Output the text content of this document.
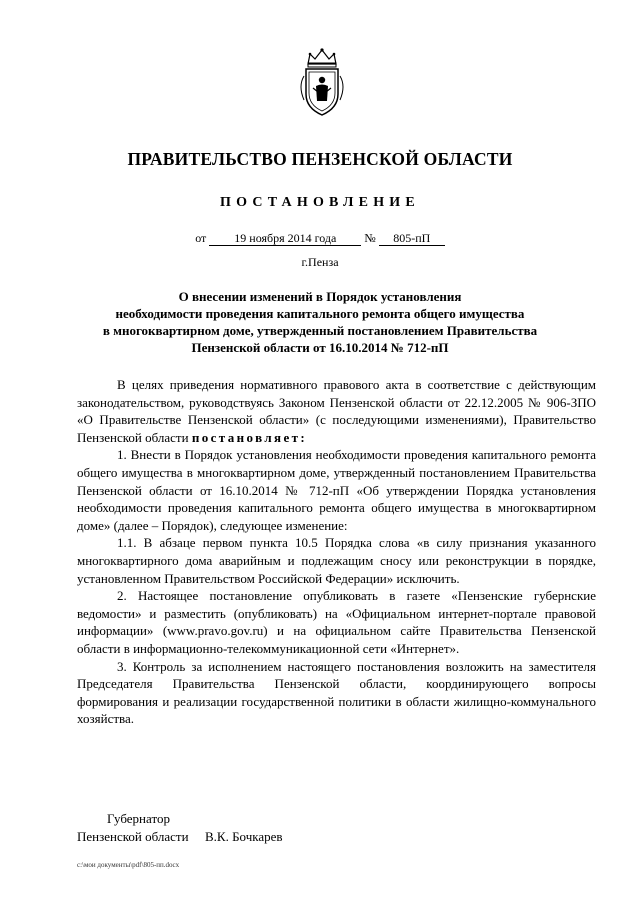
ПРАВИТЕЛЬСТВО ПЕНЗЕНСКОЙ ОБЛАСТИ
ПОСТАНОВЛЕНИЕ
от 19 ноября 2014 года № 805-пП
г.Пенза
О внесении изменений в Порядок установления
необходимости проведения капитального ремонта общего имущества
в многоквартирном доме, утвержденный постановлением Правительства
Пензенской области от 16.10.2014 № 712-пП

В целях приведения нормативного правового акта в соответствие с действующим законодательством, руководствуясь Законом Пензенской области от 22.12.2005 № 906-ЗПО «О Правительстве Пензенской области» (с последующими изменениями), Правительство Пензенской области постановляет:

1. Внести в Порядок установления необходимости проведения капитального ремонта общего имущества в многоквартирном доме, утвержденный постановлением Правительства Пензенской области от 16.10.2014 № 712-пП «Об утверждении Порядка установления необходимости проведения капитального ремонта общего имущества в многоквартирном доме» (далее – Порядок), следующее изменение:

1.1. В абзаце первом пункта 10.5 Порядка слова «в силу признания указанного многоквартирного дома аварийным и подлежащим сносу или реконструкции в порядке, установленном Правительством Российской Федерации» исключить.

2. Настоящее постановление опубликовать в газете «Пензенские губернские ведомости» и разместить (опубликовать) на «Официальном интернет-портале правовой информации» (www.pravo.gov.ru) и на официальном сайте Правительства Пензенской области в информационно-телекоммуникационной сети «Интернет».

3. Контроль за исполнением настоящего постановления возложить на заместителя Председателя Правительства Пензенской области, координирующего вопросы формирования и реализации государственной политики в области жилищно-коммунального хозяйства.

Губернатор
Пензенской области В.К. Бочкарев
c:\мои документы\pdf\805-пп.docx
